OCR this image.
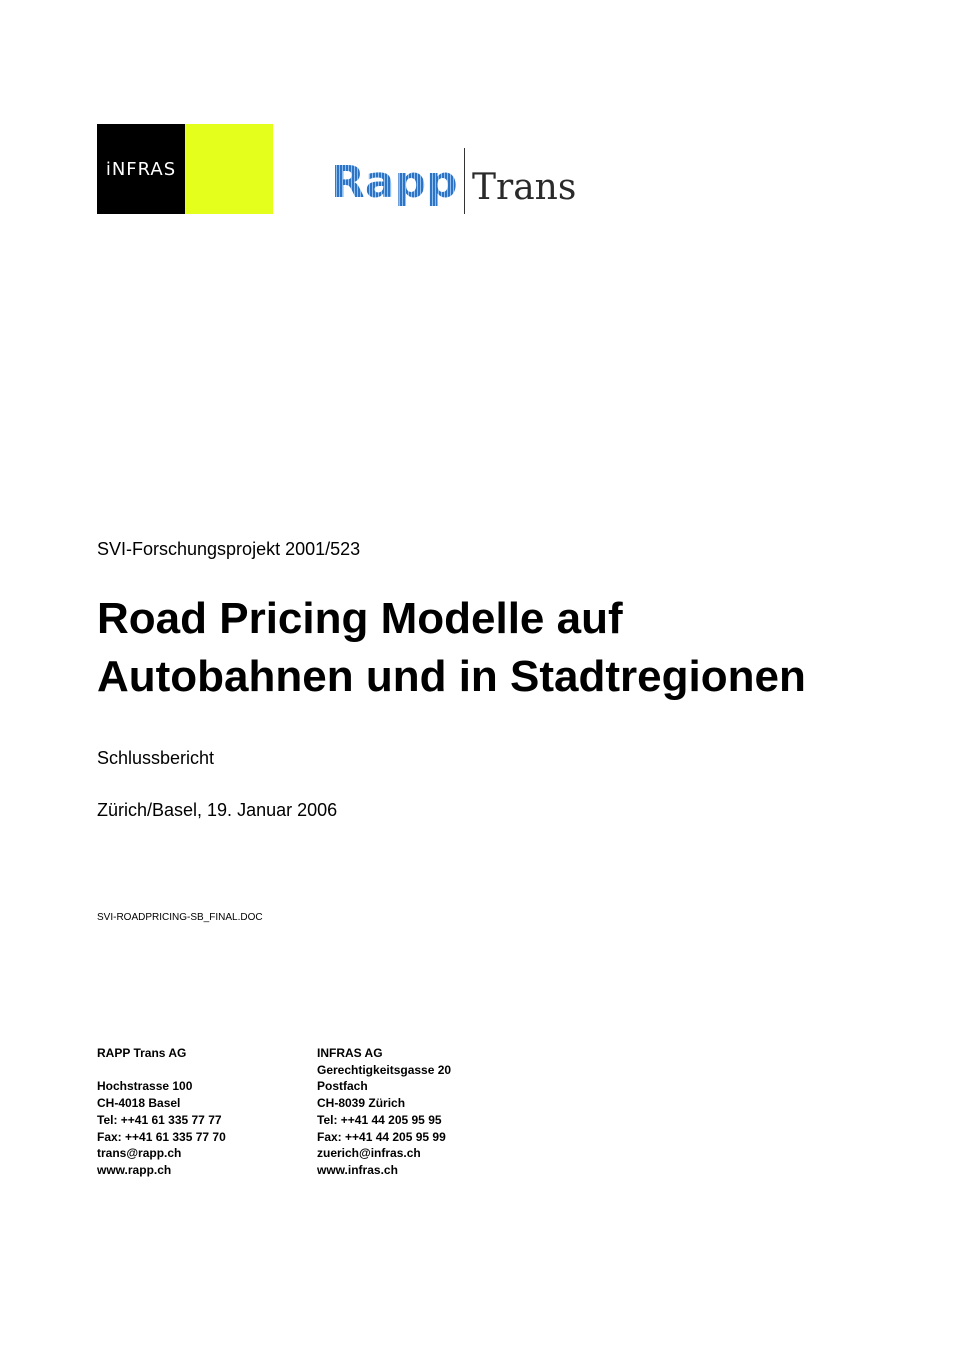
iNFRAS	Rapp Trans
SVI-Forschungsprojekt 2001/523
Road Pricing Modelle auf
Autobahnen und in Stadtregionen
Schlussbericht
Zürich/Basel, 19. Januar 2006
SVI-ROADPRICING-SB_FINAL.DOC
RAPP Trans AG
Hochstrasse 100
CH-4018 Basel
Tel: ++41 61 335 77 77
Fax: ++41 61 335 77 70
trans@rapp.ch
www.rapp.ch
INFRAS AG
Gerechtigkeitsgasse 20
Postfach
CH-8039 Zürich
Tel: ++41 44 205 95 95
Fax: ++41 44 205 95 99
zuerich@infras.ch
www.infras.ch
